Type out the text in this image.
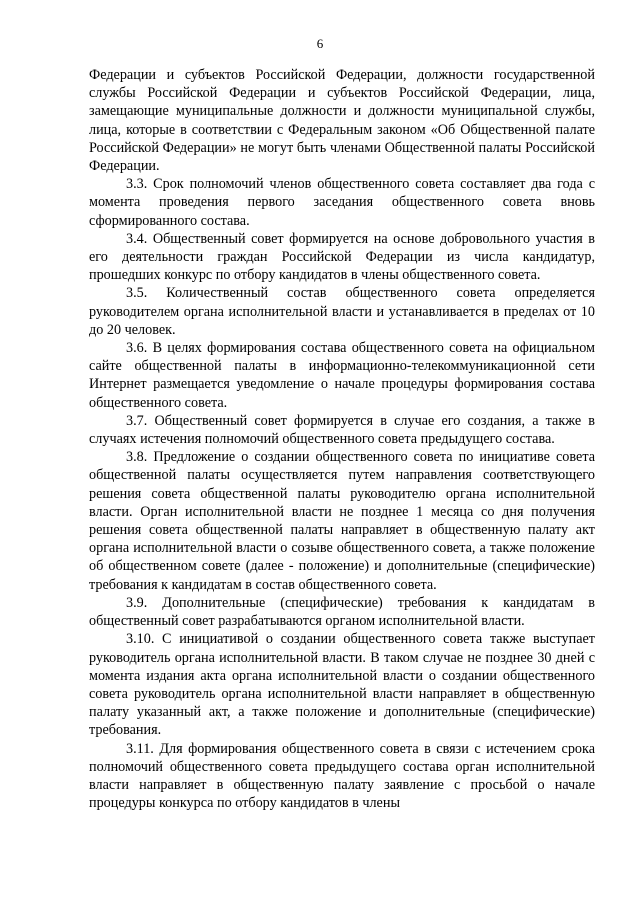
6

Федерации и субъектов Российской Федерации, должности государственной службы Российской Федерации и субъектов Российской Федерации, лица, замещающие муниципальные должности и должности муниципальной службы, лица, которые в соответствии с Федеральным законом «Об Общественной палате Российской Федерации» не могут быть членами Общественной палаты Российской Федерации.

3.3. Срок полномочий членов общественного совета составляет два года с момента проведения первого заседания общественного совета вновь сформированного состава.

3.4. Общественный совет формируется на основе добровольного участия в его деятельности граждан Российской Федерации из числа кандидатур, прошедших конкурс по отбору кандидатов в члены общественного совета.

3.5. Количественный состав общественного совета определяется руководителем органа исполнительной власти и устанавливается в пределах от 10 до 20 человек.

3.6. В целях формирования состава общественного совета на официальном сайте общественной палаты в информационно-телекоммуникационной сети Интернет размещается уведомление о начале процедуры формирования состава общественного совета.

3.7. Общественный совет формируется в случае его создания, а также в случаях истечения полномочий общественного совета предыдущего состава.

3.8. Предложение о создании общественного совета по инициативе совета общественной палаты осуществляется путем направления соответствующего решения совета общественной палаты руководителю органа исполнительной власти. Орган исполнительной власти не позднее 1 месяца со дня получения решения совета общественной палаты направляет в общественную палату акт органа исполнительной власти о созыве общественного совета, а также положение об общественном совете (далее - положение) и дополнительные (специфические) требования к кандидатам в состав общественного совета.

3.9. Дополнительные (специфические) требования к кандидатам в общественный совет разрабатываются органом исполнительной власти.

3.10. С инициативой о создании общественного совета также выступает руководитель органа исполнительной власти. В таком случае не позднее 30 дней с момента издания акта органа исполнительной власти о создании общественного совета руководитель органа исполнительной власти направляет в общественную палату указанный акт, а также положение и дополнительные (специфические) требования.

3.11. Для формирования общественного совета в связи с истечением срока полномочий общественного совета предыдущего состава орган исполнительной власти направляет в общественную палату заявление с просьбой о начале процедуры конкурса по отбору кандидатов в члены
